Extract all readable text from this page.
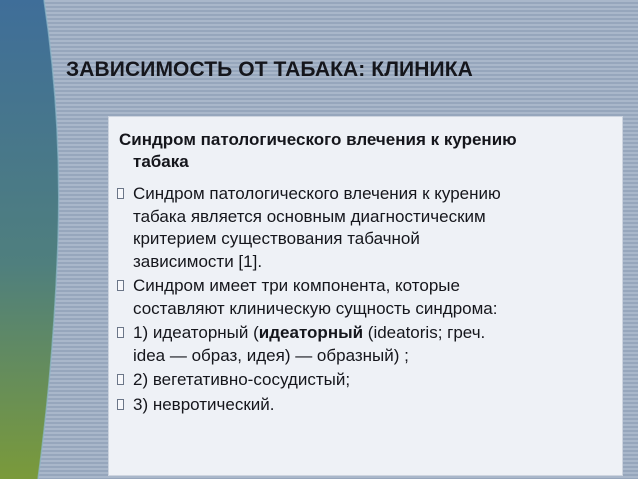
ЗАВИСИМОСТЬ ОТ ТАБАКА: КЛИНИКА
Синдром патологического влечения к курению
табака
Синдром патологического влечения к курению
табака является основным диагностическим
критерием существования табачной
зависимости [1].
Синдром имеет три компонента, которые
составляют клиническую сущность синдрома:
1) идеаторный (идеаторный (ideatoris; греч.
idea — образ, идея) — образный) ;
2) вегетативно-сосудистый;
3) невротический.
